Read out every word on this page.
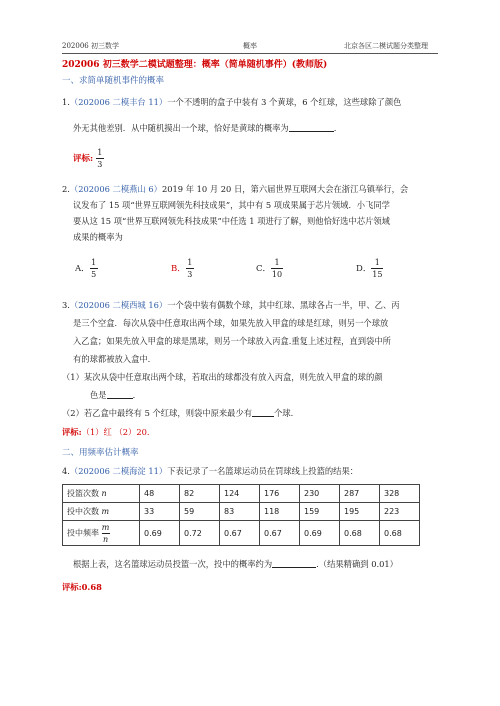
202006 初三数学	概率	北京各区二模试题分类整理
202006 初三数学二模试题整理：概率（简单随机事件）(教师版)
一、求简单随机事件的概率
1.（202006 二模丰台 11）一个不透明的盒子中装有 3 个黄球，6 个红球，这些球除了颜色
外无其他差别．从中随机摸出一个球，恰好是黄球的概率为	.
评标: $\frac{1}{3}$
2.（202006 二模燕山 6）2019 年 10 月 20 日，第六届世界互联网大会在浙江乌镇举行，会
议发布了 15 项“世界互联网领先科技成果”，其中有 5 项成果属于芯片领域．小飞同学
要从这 15 项“世界互联网领先科技成果”中任选 1 项进行了解，则他恰好选中芯片领域
成果的概率为
A． $\frac{1}{5}$	B． $\frac{1}{3}$	C． $\frac{1}{10}$	D． $\frac{1}{15}$
3.（202006 二模西城 16）一个袋中装有偶数个球，其中红球、黑球各占一半，甲、乙、丙
是三个空盒．每次从袋中任意取出两个球，如果先放入甲盒的球是红球，则另一个球放
入乙盒；如果先放入甲盒的球是黑球，则另一个球放入丙盒.重复上述过程，直到袋中所
有的球都被放入盒中.
（1）某次从袋中任意取出两个球，若取出的球都没有放入丙盒，则先放入甲盒的球的颜
色是	.
（2）若乙盒中最终有 5 个红球，则袋中原来最少有	个球.
评标:（1）红 （2）20.
二、用频率估计概率
4.（202006 二模海淀 11）下表记录了一名篮球运动员在罚球线上投篮的结果：
投篮次数 n	48	82	124	176	230	287	328
投中次数 m	33	59	83	118	159	195	223
投中频率 $\frac{m}{n}$	0.69	0.72	0.67	0.67	0.69	0.68	0.68
根据上表，这名篮球运动员投篮一次，投中的概率约为	.（结果精确到 0.01）
评标:0.68
